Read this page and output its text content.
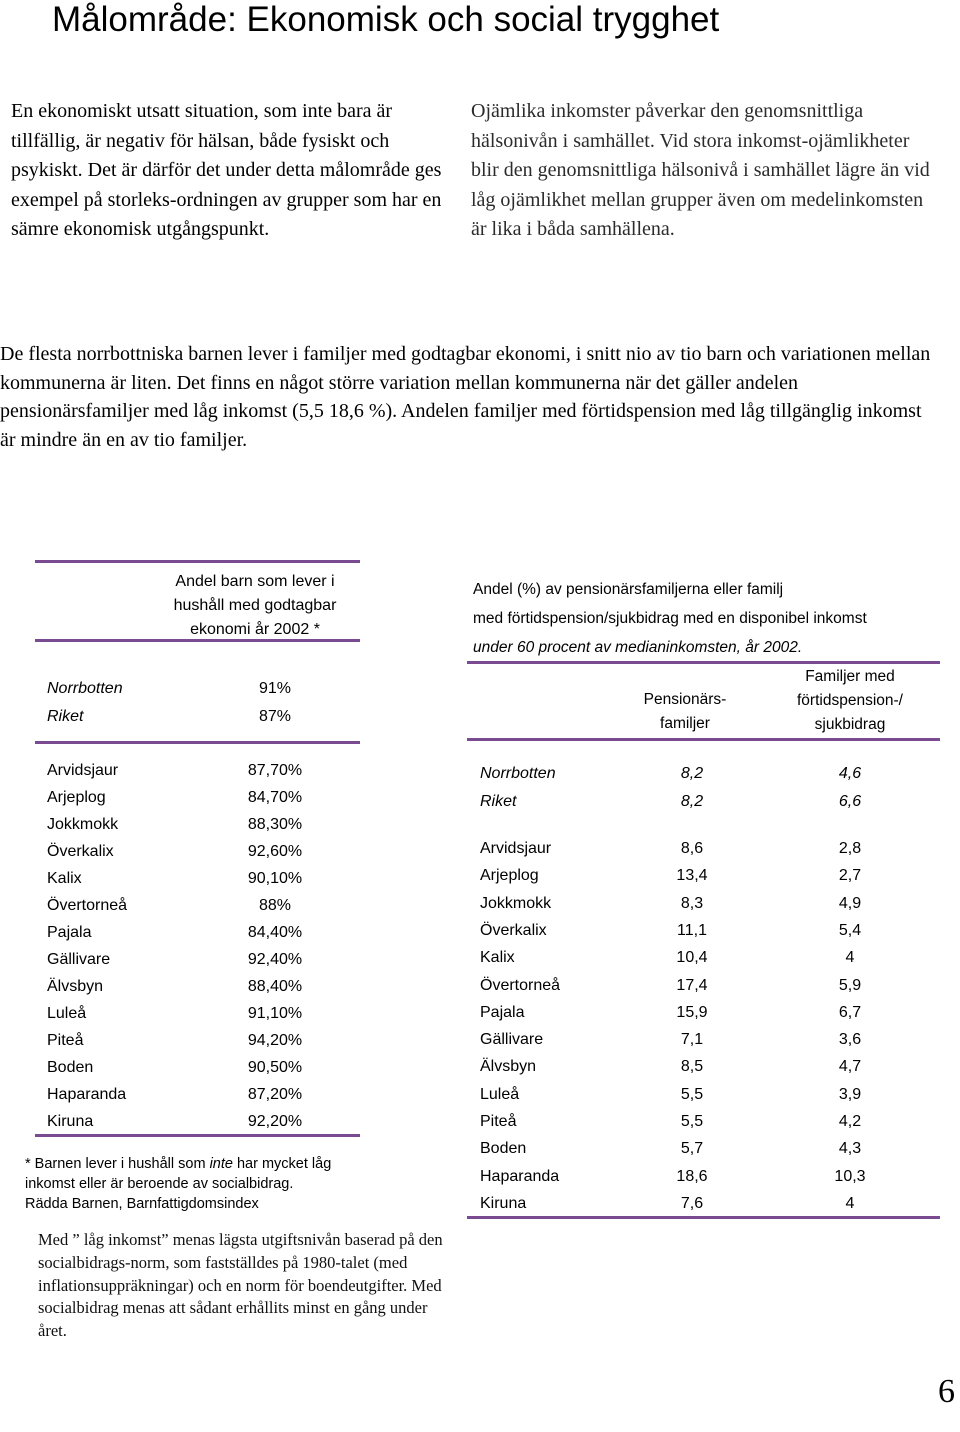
Målområde: Ekonomisk och social trygghet

En ekonomiskt utsatt situation, som inte bara är tillfällig, är negativ för hälsan, både fysiskt och psykiskt. Det är därför det under detta målområde ges exempel på storleks-ordningen av grupper som har en sämre ekonomisk utgångspunkt.

Ojämlika inkomster påverkar den genomsnittliga hälsonivån i samhället. Vid stora inkomst-ojämlikheter blir den genomsnittliga hälsonivå i samhället lägre än vid låg ojämlikhet mellan grupper även om medelinkomsten är lika i båda samhällena.

De flesta norrbottniska barnen lever i familjer med godtagbar ekonomi, i snitt nio av tio barn och variationen mellan kommunerna är liten. Det finns en något större variation mellan kommunerna när det gäller andelen pensionärsfamiljer med låg inkomst (5,5 18,6 %). Andelen familjer med förtidspension med låg tillgänglig inkomst är mindre än en av tio familjer.

Andel barn som lever i hushåll med godtagbar ekonomi år 2002 *
Norrbotten	91%
Riket	87%
Arvidsjaur	87,70%
Arjeplog	84,70%
Jokkmokk	88,30%
Överkalix	92,60%
Kalix	90,10%
Övertorneå	88%
Pajala	84,40%
Gällivare	92,40%
Älvsbyn	88,40%
Luleå	91,10%
Piteå	94,20%
Boden	90,50%
Haparanda	87,20%
Kiruna	92,20%
* Barnen lever i hushåll som inte har mycket låg inkomst eller är beroende av socialbidrag.
Rädda Barnen, Barnfattigdomsindex
Med ” låg inkomst” menas lägsta utgiftsnivån baserad på den socialbidrags-norm, som fastställdes på 1980-talet (med inflationsuppräkningar) och en norm för boendeutgifter. Med socialbidrag menas att sådant erhållits minst en gång under året.
Andel (%) av pensionärsfamiljerna eller familj
med förtidspension/sjukbidrag med en disponibel inkomst
under 60 procent av medianinkomsten, år 2002.
Pensionärs-familjer
Familjer med förtidspension-/ sjukbidrag
Norrbotten	8,2	4,6
Riket	8,2	6,6
Arvidsjaur	8,6	2,8
Arjeplog	13,4	2,7
Jokkmokk	8,3	4,9
Överkalix	11,1	5,4
Kalix	10,4	4
Övertorneå	17,4	5,9
Pajala	15,9	6,7
Gällivare	7,1	3,6
Älvsbyn	8,5	4,7
Luleå	5,5	3,9
Piteå	5,5	4,2
Boden	5,7	4,3
Haparanda	18,6	10,3
Kiruna	7,6	4
6
